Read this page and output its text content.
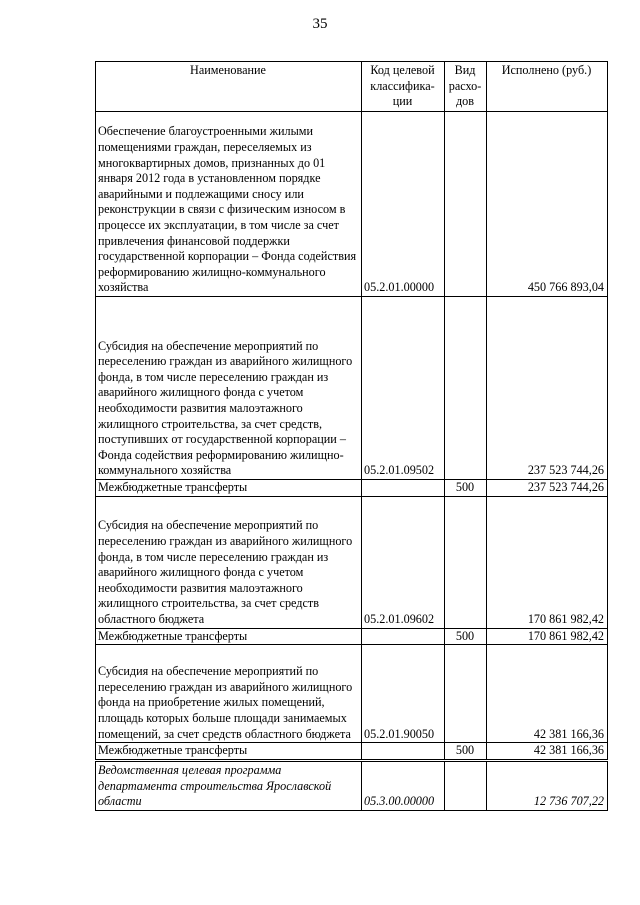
35
Наименование	Код целевой классифика-ции	Вид расхо-дов	Исполнено (руб.)
Обеспечение благоустроенными жилыми помещениями граждан, переселяемых из многоквартирных домов, признанных до 01 января 2012 года в установленном порядке аварийными и подлежащими сносу или реконструкции в связи с физическим износом в процессе их эксплуатации, в том числе за счет привлечения финансовой поддержки государственной корпорации – Фонда содействия реформированию жилищно-коммунального хозяйства	05.2.01.00000		450 766 893,04
Субсидия на обеспечение мероприятий по переселению граждан из аварийного жилищного фонда, в том числе переселению граждан из аварийного жилищного фонда с учетом необходимости развития малоэтажного жилищного строительства, за счет средств, поступивших от государственной корпорации – Фонда содействия реформированию жилищно-коммунального хозяйства	05.2.01.09502		237 523 744,26
Межбюджетные трансферты		500	237 523 744,26
Субсидия на обеспечение мероприятий по переселению граждан из аварийного жилищного фонда, в том числе переселению граждан из аварийного жилищного фонда с учетом необходимости развития малоэтажного жилищного строительства, за счет средств областного бюджета	05.2.01.09602		170 861 982,42
Межбюджетные трансферты		500	170 861 982,42
Субсидия на обеспечение мероприятий по переселению граждан из аварийного жилищного фонда на приобретение жилых помещений, площадь которых больше площади занимаемых помещений, за счет средств областного бюджета	05.2.01.90050		42 381 166,36
Межбюджетные трансферты		500	42 381 166,36
Ведомственная целевая программа департамента строительства Ярославской области	05.3.00.00000		12 736 707,22
